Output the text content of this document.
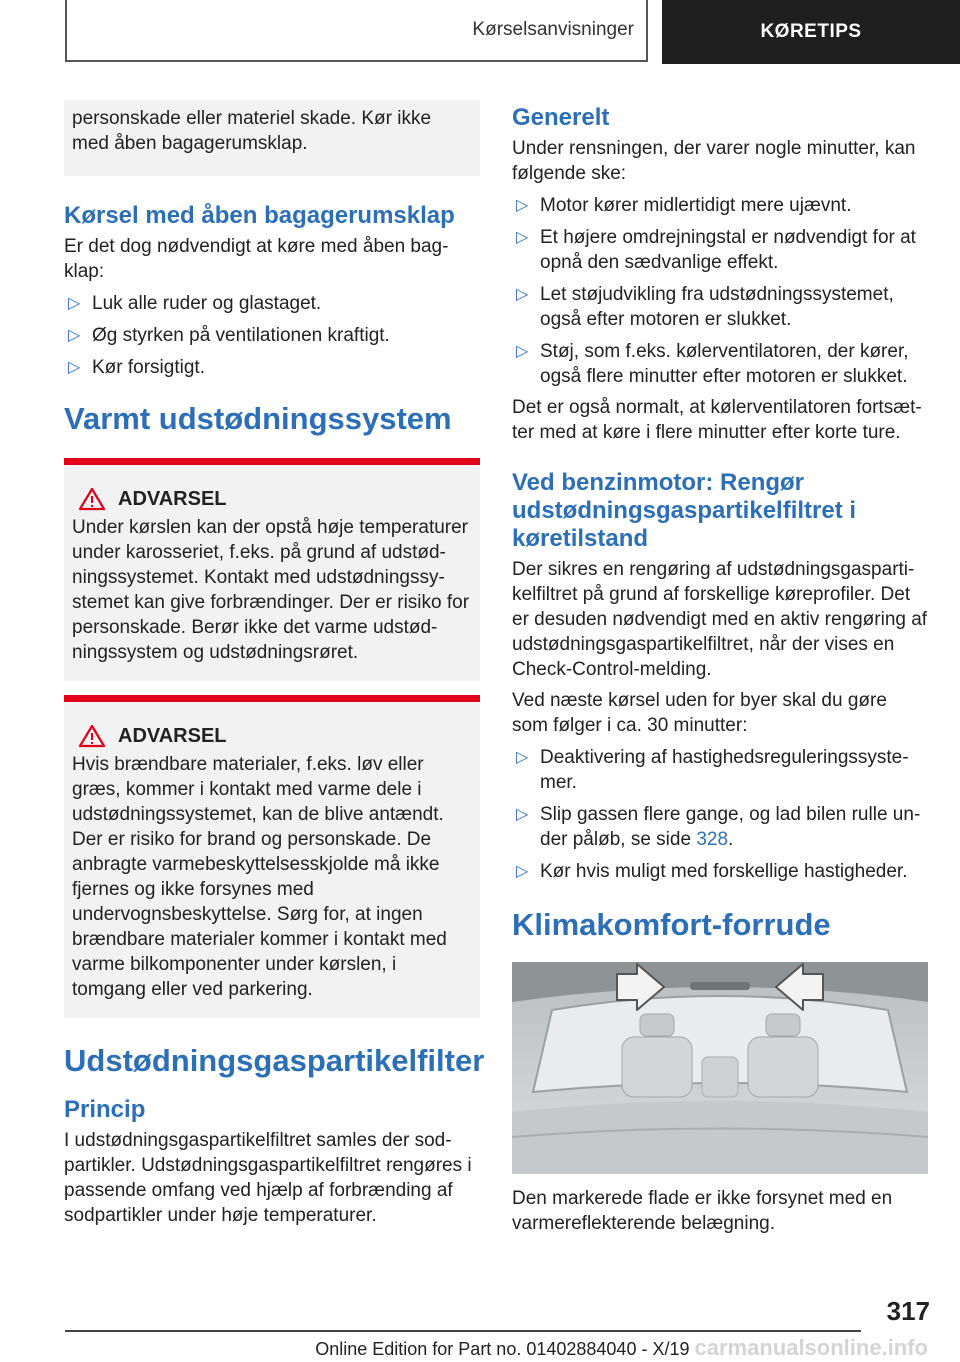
Kørselsanvisninger	KØRETIPS

personskade eller materiel skade. Kør ikke med åben bagagerumsklap.

Kørsel med åben bagagerumsklap

Er det dog nødvendigt at køre med åben bagklap:

▷ Luk alle ruder og glastaget.
▷ Øg styrken på ventilationen kraftigt.
▷ Kør forsigtigt.
Varmt udstødningssystem
ADVARSEL

Under kørslen kan der opstå høje temperaturer under karosseriet, f.eks. på grund af udstødningssystemet. Kontakt med udstødningssystemet kan give forbrændinger. Der er risiko for personskade. Berør ikke det varme udstødningssystem og udstødningsrøret.

ADVARSEL

Hvis brændbare materialer, f.eks. løv eller græs, kommer i kontakt med varme dele i udstødningssystemet, kan de blive antændt. Der er risiko for brand og personskade. De anbragte varmebeskyttelsesskjolde må ikke fjernes og ikke forsynes med undervognsbeskyttelse. Sørg for, at ingen brændbare materialer kommer i kontakt med varme bilkomponenter under kørslen, i tomgang eller ved parkering.

Udstødningsgaspartikelfilter
Princip

I udstødningsgaspartikelfiltret samles der sodpartikler. Udstødningsgaspartikelfiltret rengøres i passende omfang ved hjælp af forbrænding af sodpartikler under høje temperaturer.

Generelt

Under rensningen, der varer nogle minutter, kan følgende ske:

▷ Motor kører midlertidigt mere ujævnt.
▷ Et højere omdrejningstal er nødvendigt for at opnå den sædvanlige effekt.
▷ Let støjudvikling fra udstødningssystemet, også efter motoren er slukket.
▷ Støj, som f.eks. kølerventilatoren, der kører, også flere minutter efter motoren er slukket.

Det er også normalt, at kølerventilatoren fortsætter med at køre i flere minutter efter korte ture.

Ved benzinmotor: Rengør udstødningsgaspartikelfiltret i køretilstand

Der sikres en rengøring af udstødningsgaspartikelfiltret på grund af forskellige køreprofiler. Det er desuden nødvendigt med en aktiv rengøring af udstødningsgaspartikelfiltret, når der vises en Check-Control-melding.

Ved næste kørsel uden for byer skal du gøre som følger i ca. 30 minutter:

▷ Deaktivering af hastighedsreguleringssystemer.
▷ Slip gassen flere gange, og lad bilen rulle under påløb, se side 328.
▷ Kør hvis muligt med forskellige hastigheder.
Klimakomfort-forrude

Den markerede flade er ikke forsynet med en varmereflekterende belægning.

317
Online Edition for Part no. 01402884040 - X/19 carmanualsonline.info
